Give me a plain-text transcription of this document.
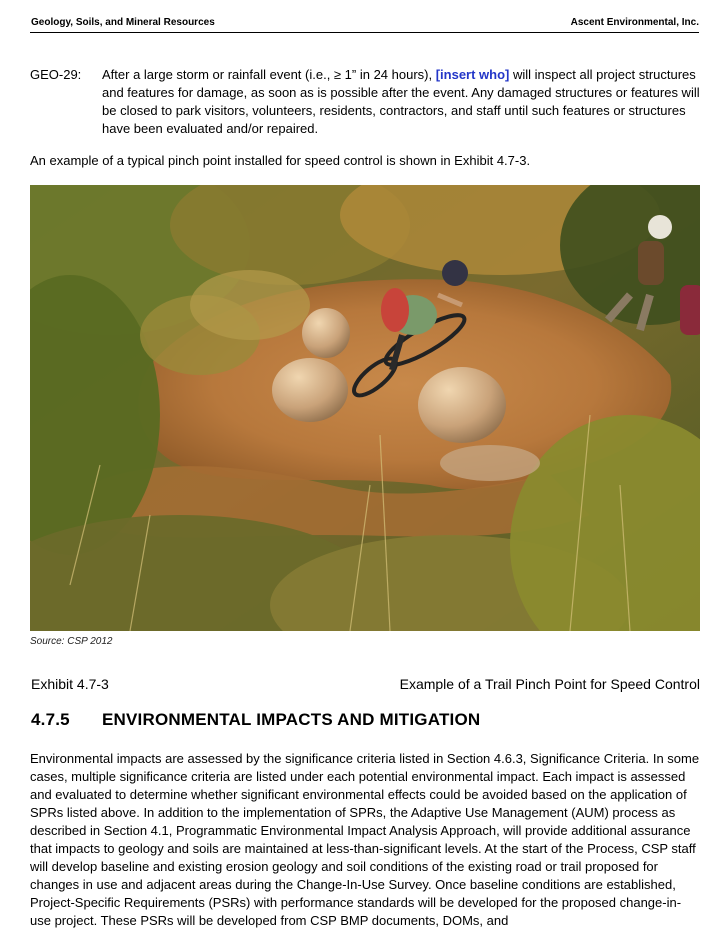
Geology, Soils, and Mineral Resources	Ascent Environmental, Inc.
GEO-29: After a large storm or rainfall event (i.e., ≥ 1” in 24 hours), [insert who] will inspect all project structures and features for damage, as soon as is possible after the event. Any damaged structures or features will be closed to park visitors, volunteers, residents, contractors, and staff until such features or structures have been evaluated and/or repaired.

An example of a typical pinch point installed for speed control is shown in Exhibit 4.7-3.

Source: CSP 2012
Exhibit 4.7-3	Example of a Trail Pinch Point for Speed Control
4.7.5 ENVIRONMENTAL IMPACTS AND MITIGATION

Environmental impacts are assessed by the significance criteria listed in Section 4.6.3, Significance Criteria. In some cases, multiple significance criteria are listed under each potential environmental impact. Each impact is assessed and evaluated to determine whether significant environmental effects could be avoided based on the application of SPRs listed above. In addition to the implementation of SPRs, the Adaptive Use Management (AUM) process as described in Section 4.1, Programmatic Environmental Impact Analysis Approach, will provide additional assurance that impacts to geology and soils are maintained at less-than-significant levels. At the start of the Process, CSP staff will develop baseline and existing erosion geology and soil conditions of the existing road or trail proposed for changes in use and adjacent areas during the Change-In-Use Survey. Once baseline conditions are established, Project-Specific Requirements (PSRs) with performance standards will be developed for the proposed change-in-use project. These PSRs will be developed from CSP BMP documents, DOMs, and
